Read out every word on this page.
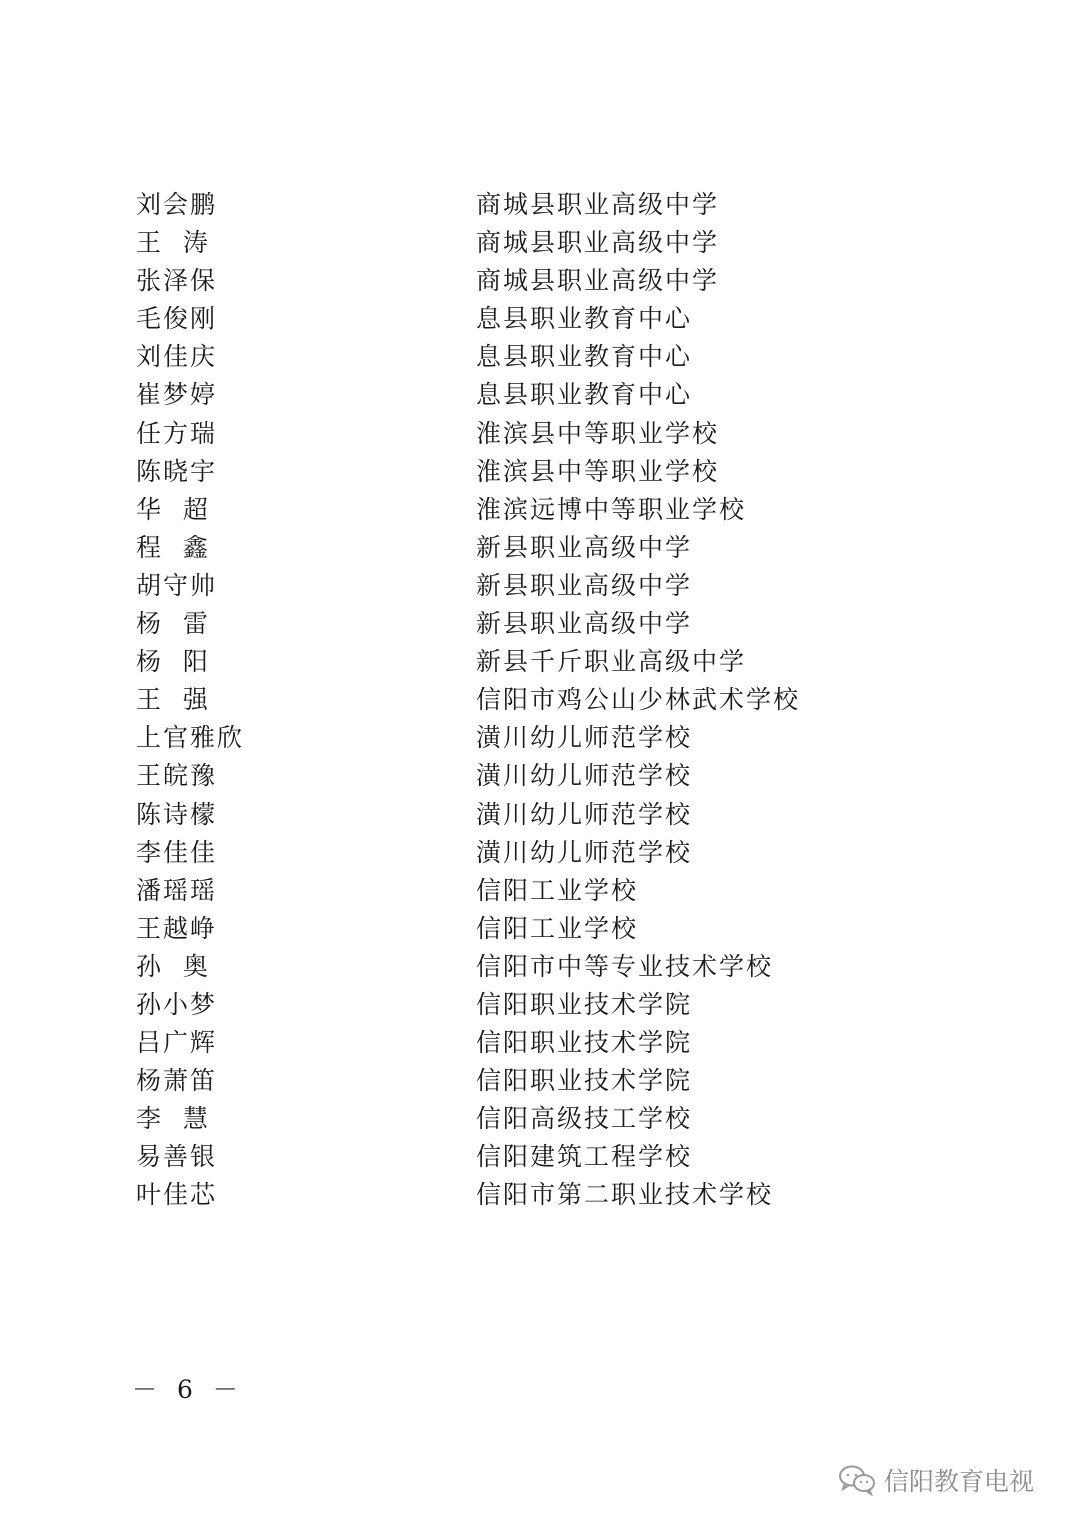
刘会鹏	商城县职业高级中学
王  涛	商城县职业高级中学
张泽保	商城县职业高级中学
毛俊刚	息县职业教育中心
刘佳庆	息县职业教育中心
崔梦婷	息县职业教育中心
任方瑞	淮滨县中等职业学校
陈晓宇	淮滨县中等职业学校
华  超	淮滨远博中等职业学校
程  鑫	新县职业高级中学
胡守帅	新县职业高级中学
杨  雷	新县职业高级中学
杨  阳	新县千斤职业高级中学
王  强	信阳市鸡公山少林武术学校
上官雅欣	潢川幼儿师范学校
王皖豫	潢川幼儿师范学校
陈诗檬	潢川幼儿师范学校
李佳佳	潢川幼儿师范学校
潘瑶瑶	信阳工业学校
王越峥	信阳工业学校
孙  奥	信阳市中等专业技术学校
孙小梦	信阳职业技术学院
吕广辉	信阳职业技术学院
杨萧笛	信阳职业技术学院
李  慧	信阳高级技工学校
易善银	信阳建筑工程学校
叶佳芯	信阳市第二职业技术学校
－ 6 －
信阳教育电视
